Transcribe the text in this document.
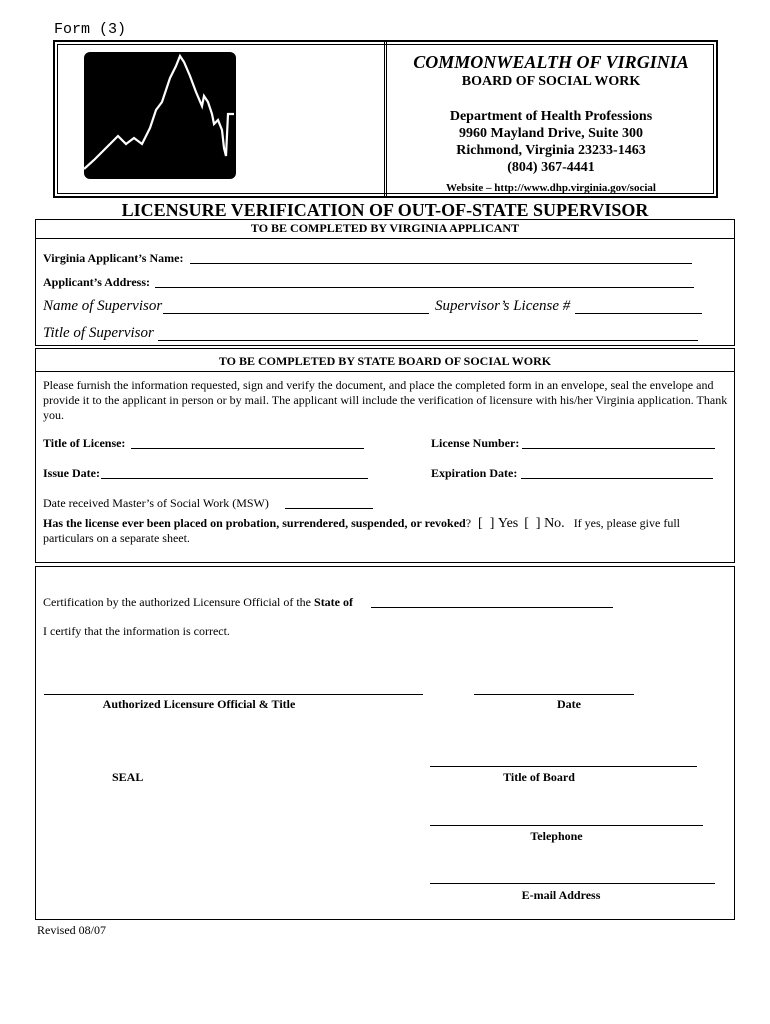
Form (3)
COMMONWEALTH OF VIRGINIA
BOARD OF SOCIAL WORK
Department of Health Professions
9960 Mayland Drive, Suite 300
Richmond, Virginia 23233-1463
(804) 367-4441
Website – http://www.dhp.virginia.gov/social
LICENSURE VERIFICATION OF OUT-OF-STATE SUPERVISOR
TO BE COMPLETED BY VIRGINIA APPLICANT
Virginia Applicant’s Name:
Applicant’s Address:
Name of Supervisor	Supervisor’s License #
Title of Supervisor
TO BE COMPLETED BY STATE BOARD OF SOCIAL WORK
Please furnish the information requested, sign and verify the document, and place the completed form in an envelope, seal the envelope and provide it to the applicant in person or by mail. The applicant will include the verification of licensure with his/her Virginia application. Thank you.
Title of License:	License Number:
Issue Date:	Expiration Date:
Date received Master’s of Social Work (MSW)
Has the license ever been placed on probation, surrendered, suspended, or revoked? [  ] Yes [  ] No. If yes, please give full
particulars on a separate sheet.
Certification by the authorized Licensure Official of the State of
I certify that the information is correct.
Authorized Licensure Official & Title	Date
SEAL	Title of Board
Telephone
E-mail Address
Revised 08/07
